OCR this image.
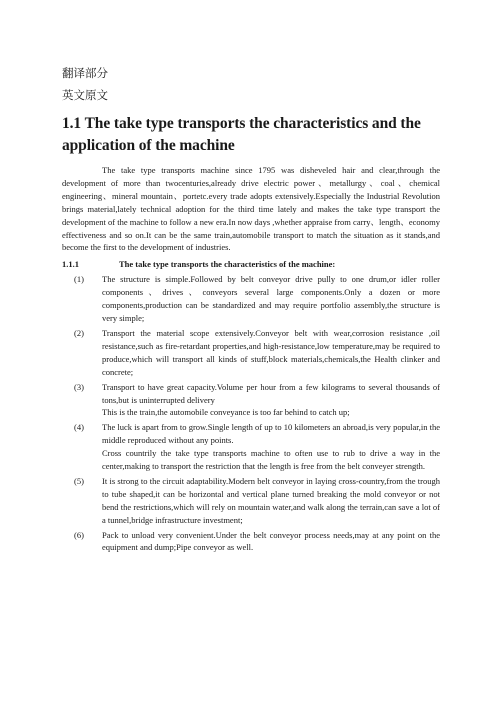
翻译部分

英文原文

1.1 The take type transports the characteristics and the application of the machine

The take type transports machine since 1795 was disheveled hair and clear,through the development of more than twocenturies,already drive electric power、metallurgy、coal、chemical engineering、mineral mountain、portetc.every trade adopts extensively.Especially the Industrial Revolution brings material,lately technical adoption for the third time lately and makes the take type transport the development of the machine to follow a new era.In now days ,whether appraise from carry、length、economy effectiveness and so on.It can be the same train,automobile transport to match the situation as it stands,and become the first to the development of industries.

1.1.1	The take type transports the characteristics of the machine:
(1)	The structure is simple.Followed by belt conveyor drive pully to one drum,or idler roller components、drives、conveyors several large components.Only a dozen or more components,production can be standardized and may require portfolio assembly,the structure is very simple;

(2)	Transport the material scope extensively.Conveyor belt with wear,corrosion resistance ,oil resistance,such as fire-retardant properties,and high-resistance,low temperature,may be required to produce,which will transport all kinds of stuff,block materials,chemicals,the Health clinker and concrete;

(3)	Transport to have great capacity.Volume per hour from a few kilograms to several thousands of tons,but is uninterrupted delivery

This is the train,the automobile conveyance is too far behind to catch up;

(4)	The luck is apart from to grow.Single length of up to 10 kilometers an abroad,is very popular,in the middle reproduced without any points.

Cross countrily the take type transports machine to often use to rub to drive a way in the center,making to transport the restriction that the length is free from the belt conveyer strength.

(5)	It is strong to the circuit adaptability.Modern belt conveyor in laying cross-country,from the trough to tube shaped,it can be horizontal and vertical plane turned breaking the mold conveyor or not bend the restrictions,which will rely on mountain water,and walk along the terrain,can save a lot of a tunnel,bridge infrastructure investment;

(6)	Pack to unload very convenient.Under the belt conveyor process needs,may at any point on the equipment and dump;Pipe conveyor as well.
